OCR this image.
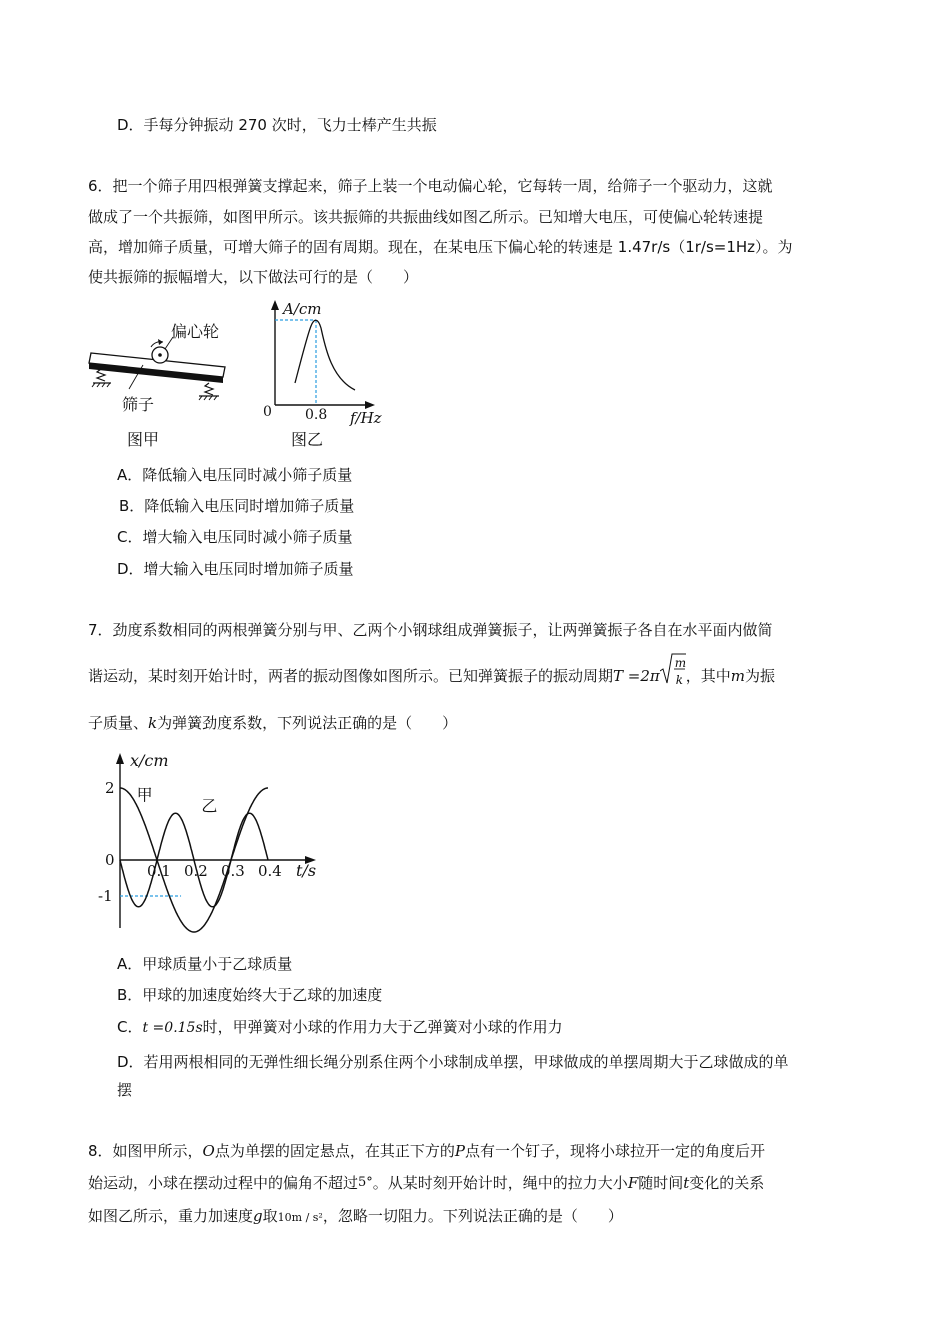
D．手每分钟振动 270 次时，飞力士棒产生共振
6．把一个筛子用四根弹簧支撑起来，筛子上装一个电动偏心轮，它每转一周，给筛子一个驱动力，这就
做成了一个共振筛，如图甲所示。该共振筛的共振曲线如图乙所示。已知增大电压，可使偏心轮转速提
高，增加筛子质量，可增大筛子的固有周期。现在，在某电压下偏心轮的转速是 1.47r/s（1r/s=1Hz）。为
使共振筛的振幅增大，以下做法可行的是（　　）
偏心轮
筛子
图甲
A/cm
0 0.8 f/Hz
图乙
A．降低输入电压同时减小筛子质量
B．降低输入电压同时增加筛子质量
C．增大输入电压同时减小筛子质量
D．增大输入电压同时增加筛子质量
7．劲度系数相同的两根弹簧分别与甲、乙两个小钢球组成弹簧振子，让两弹簧振子各自在水平面内做简
谐运动，某时刻开始计时，两者的振动图像如图所示。已知弹簧振子的振动周期T =2π
m
k ，其中m为振
子质量、k为弹簧劲度系数，下列说法正确的是（　　）
x/cm
t/s
0.1 0.2 0.3 0.4
2
0
-1
甲
乙
A．甲球质量小于乙球质量
B．甲球的加速度始终大于乙球的加速度
C．t =0.15s时，甲弹簧对小球的作用力大于乙弹簧对小球的作用力
D．若用两根相同的无弹性细长绳分别系住两个小球制成单摆，甲球做成的单摆周期大于乙球做成的单
摆
8．如图甲所示，O点为单摆的固定悬点，在其正下方的P点有一个钉子，现将小球拉开一定的角度后开
始运动，小球在摆动过程中的偏角不超过5°。从某时刻开始计时，绳中的拉力大小F随时间t变化的关系
如图乙所示，重力加速度g取10m / s²，忽略一切阻力。下列说法正确的是（　　）
